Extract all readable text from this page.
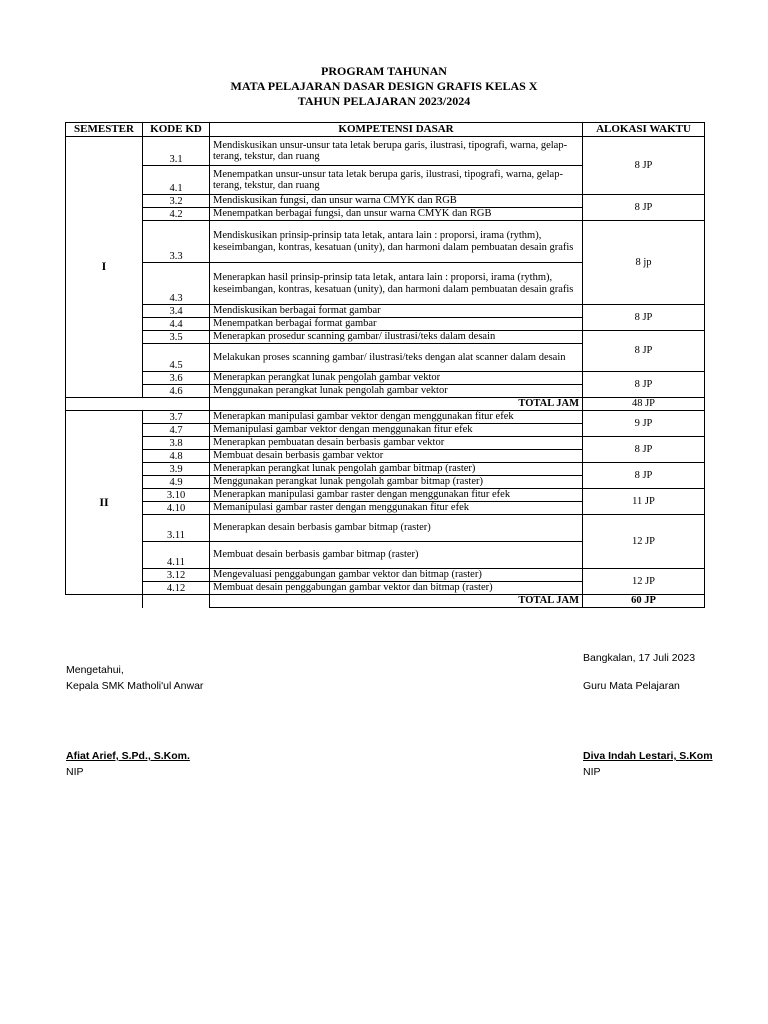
PROGRAM TAHUNAN
MATA PELAJARAN DASAR DESIGN GRAFIS KELAS X
TAHUN PELAJARAN 2023/2024
SEMESTER	KODE KD	KOMPETENSI DASAR	ALOKASI WAKTU
I	3.1	Mendiskusikan unsur-unsur tata letak berupa garis, ilustrasi, tipografi, warna, gelap-terang, tekstur, dan ruang	8 JP
	4.1	Menempatkan unsur-unsur tata letak berupa garis, ilustrasi, tipografi, warna, gelap-terang, tekstur, dan ruang	
	3.2	Mendiskusikan fungsi, dan unsur warna CMYK dan RGB	8 JP
	4.2	Menempatkan berbagai fungsi, dan unsur warna CMYK dan RGB	
	3.3	Mendiskusikan prinsip-prinsip tata letak, antara lain : proporsi, irama (rythm), keseimbangan, kontras, kesatuan (unity), dan harmoni dalam pembuatan desain grafis	8 jp
	4.3	Menerapkan hasil prinsip-prinsip tata letak, antara lain : proporsi, irama (rythm), keseimbangan, kontras, kesatuan (unity), dan harmoni dalam pembuatan desain grafis	
	3.4	Mendiskusikan berbagai format gambar	8 JP
	4.4	Menempatkan berbagai format gambar	
	3.5	Menerapkan prosedur scanning gambar/ ilustrasi/teks dalam desain	8 JP
	4.5	Melakukan proses scanning gambar/ ilustrasi/teks dengan alat scanner dalam desain	
	3.6	Menerapkan perangkat lunak pengolah gambar vektor	8 JP
	4.6	Menggunakan perangkat lunak pengolah gambar vektor	
		TOTAL JAM	48 JP
II	3.7	Menerapkan manipulasi gambar vektor dengan menggunakan fitur efek	9 JP
	4.7	Memanipulasi gambar vektor dengan menggunakan fitur efek	
	3.8	Menerapkan pembuatan desain berbasis gambar vektor	8 JP
	4.8	Membuat desain berbasis gambar vektor	
	3.9	Menerapkan perangkat lunak pengolah gambar bitmap (raster)	8 JP
	4.9	Menggunakan perangkat lunak pengolah gambar bitmap (raster)	
	3.10	Menerapkan manipulasi gambar raster dengan menggunakan fitur efek	11 JP
	4.10	Memanipulasi gambar raster dengan menggunakan fitur efek	
	3.11	Menerapkan desain berbasis gambar bitmap (raster)	12 JP
	4.11	Membuat desain berbasis gambar bitmap (raster)	
	3.12	Mengevaluasi penggabungan gambar vektor dan bitmap (raster)	12 JP
	4.12	Membuat desain penggabungan gambar vektor dan bitmap (raster)	
		TOTAL JAM	60 JP
Bangkalan, 17 Juli 2023
Mengetahui,
Kepala SMK Matholi'ul Anwar	Guru Mata Pelajaran
Afiat Arief, S.Pd., S.Kom.
NIP
Diva Indah Lestari, S.Kom
NIP
